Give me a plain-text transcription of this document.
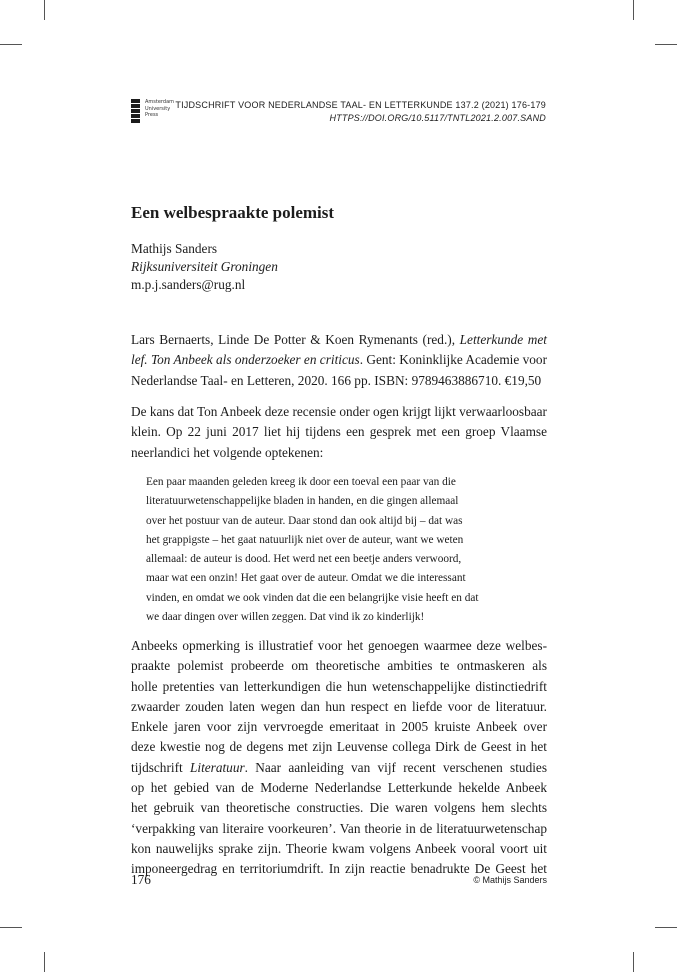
Amsterdam
University
Press
TIJDSCHRIFT VOOR NEDERLANDSE TAAL- EN LETTERKUNDE 137.2 (2021) 176-179
HTTPS://DOI.ORG/10.5117/TNTL2021.2.007.SAND
Een welbespraakte polemist
Mathijs Sanders
Rijksuniversiteit Groningen
m.p.j.sanders@rug.nl
Lars Bernaerts, Linde De Potter & Koen Rymenants (red.), Letterkunde met
lef. Ton Anbeek als onderzoeker en criticus. Gent: Koninklijke Academie voor
Nederlandse Taal- en Letteren, 2020. 166 pp. ISBN: 9789463886710. €19,50
De kans dat Ton Anbeek deze recensie onder ogen krijgt lijkt verwaarloosbaar
klein. Op 22 juni 2017 liet hij tijdens een gesprek met een groep Vlaamse
neerlandici het volgende optekenen:
Een paar maanden geleden kreeg ik door een toeval een paar van die
literatuurwetenschappelijke bladen in handen, en die gingen allemaal
over het postuur van de auteur. Daar stond dan ook altijd bij – dat was
het grappigste – het gaat natuurlijk niet over de auteur, want we weten
allemaal: de auteur is dood. Het werd net een beetje anders verwoord,
maar wat een onzin! Het gaat over de auteur. Omdat we die interessant
vinden, en omdat we ook vinden dat die een belangrijke visie heeft en dat
we daar dingen over willen zeggen. Dat vind ik zo kinderlijk!
Anbeeks opmerking is illustratief voor het genoegen waarmee deze welbes-
praakte polemist probeerde om theoretische ambities te ontmaskeren als
holle pretenties van letterkundigen die hun wetenschappelijke distinctiedrift
zwaarder zouden laten wegen dan hun respect en liefde voor de literatuur.
Enkele jaren voor zijn vervroegde emeritaat in 2005 kruiste Anbeek over
deze kwestie nog de degens met zijn Leuvense collega Dirk de Geest in het
tijdschrift Literatuur. Naar aanleiding van vijf recent verschenen studies
op het gebied van de Moderne Nederlandse Letterkunde hekelde Anbeek
het gebruik van theoretische constructies. Die waren volgens hem slechts
‘verpakking van literaire voorkeuren’. Van theorie in de literatuurwetenschap
kon nauwelijks sprake zijn. Theorie kwam volgens Anbeek vooral voort uit
imponeergedrag en territoriumdrift. In zijn reactie benadrukte De Geest het
176	© Mathijs Sanders
